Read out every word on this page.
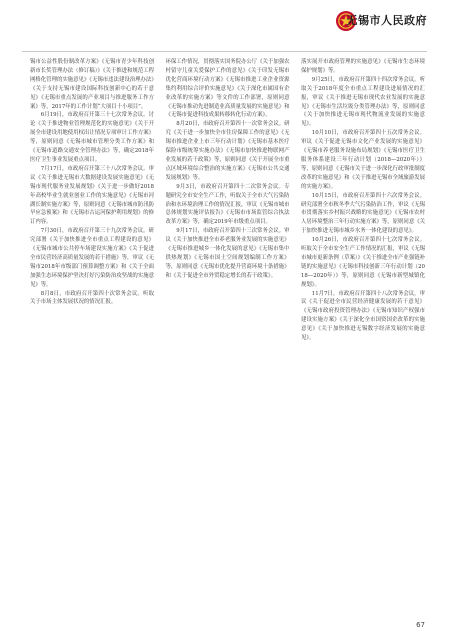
无锡市人民政府

锡市公益性股份制改革方案》《无锡市青少年科技创新市长奖管理办法（修订稿）》《关于推进和规范工程网格化管理的实施意见》《无锡市违法建设治理办法》《关于支持无锡市建设国际科技创新中心的若干意见》《无锡市重点发展的产业项目与推进服务工作方案》等，2017年的工作计划“大项目十小项目”。

6月19日，市政府召开第三十七次常务会议。讨论《关于推进物业管理规范化的实施意见》《关于开展全市建设用地使用权出让情况专项审计工作方案》等，原则同意《无锡市城市管理分类工作方案》和《无锡市道路交通安全管理办法》等，确定2018年医疗卫生事业发展重点项目。

7月17日，市政府召开第三十八次常务会议。审议《关于推进无锡市大数据建设发展实施意见》《无锡市现代服务业发展规划》《关于进一步做好2018年高校毕业生就业创业工作的实施意见》《无锡市河湖长制实施方案》等，原则同意《无锡市城市防汛防旱应急预案》和《无锡市古运河保护利用规划》的修订内容。

7月30日，市政府召开第三十九次常务会议。研究部署《关于加快推进全市重点工程建设的意见》《无锡市城市公共停车场建设实施方案》《关于促进全市民营经济高质量发展的若干措施》等，审议《无锡市2018年市级部门预算调整方案》和《关于全面加强生态环境保护坚决打好污染防治攻坚战的实施意见》等。

8月8日，市政府召开第四十次常务会议。听取关于市场主体发展状况的情况汇报。

环保工作情况，贯彻落实国务院办公厅《关于加强农村留守儿童关爱保护工作的意见》《关于印发无锡市优化营商环境行动方案》《无锡市推进工业企业资源集约利用综合评价实施意见》《关于深化市属国有企业改革的实施方案》等文件的工作部署，原则同意《无锡市推动先进制造业高质量发展的实施意见》和《无锡市促进科技成果转移转化行动方案》。

8月20日，市政府召开第四十一次常务会议。研究《关于进一步加快全市住房保障工作的意见》《无锡市推进企业上市三年行动计划》《无锡市基本医疗保险市级统筹实施办法》《无锡市加快推进物联网产业发展的若干政策》等，原则同意《关于开展全市重点区域环境综合整治的实施方案》《无锡市公共交通发展规划》等。

9月3日，市政府召开第四十二次常务会议。专题研究全市安全生产工作，听取关于全市大气污染防治和水环境治理工作的情况汇报，审议《无锡市城市总体规划实施评估报告》《无锡市市场监管综合执法改革方案》等，确定2019年市级重点项目。

9月17日，市政府召开第四十三次常务会议。审议《关于加快推进全市养老服务业发展的实施意见》《无锡市推进城乡一体化发展的意见》《无锡市集中供热规划》《无锡市国土空间规划编制工作方案》等，原则同意《无锡市优化提升营商环境十条措施》和《关于促进全市外贸稳定增长的若干政策》。

落实展开市政府管理的实施意见》《无锡市生态环境保护规划》等。

9月25日，市政府召开第四十四次常务会议。听取关于2018年度全市重点工程建设进展情况的汇报，审议《关于推进无锡市现代农业发展的实施意见》《无锡市生活垃圾分类管理办法》等，原则同意《关于加快推进无锡市现代物流业发展的实施意见》。

10月10日，市政府召开第四十五次常务会议。审议《关于促进无锡市文化产业发展的实施意见》《无锡市养老服务设施布局规划》《无锡市医疗卫生服务体系建设三年行动计划（2018—2020年）》等，原则同意《无锡市关于进一步深化行政审批制度改革的实施意见》和《关于推进无锡市全域旅游发展的实施方案》。

10月15日，市政府召开第四十六次常务会议。研究部署全市秋冬季大气污染防治工作，审议《无锡市贯彻落实乡村振兴战略的实施意见》《无锡市农村人居环境整治三年行动实施方案》等，原则同意《关于加快推进无锡市城乡水务一体化建设的意见》。

10月26日，市政府召开第四十七次常务会议。听取关于全市安全生产工作情况的汇报，审议《无锡市城市更新条例（草案）》《关于推进全市产业强链补链的实施意见》《无锡市科技创新三年行动计划（2018—2020年）》等，原则同意《无锡市新型城镇化规划》。

11月7日，市政府召开第四十八次常务会议。审议《关于促进全市民营经济健康发展的若干意见》《无锡市政府投资管理办法》《无锡市知识产权强市建设实施方案》《关于深化全市国资国企改革的实施意见》《关于加快推进无锡数字经济发展的实施意见》。

67
